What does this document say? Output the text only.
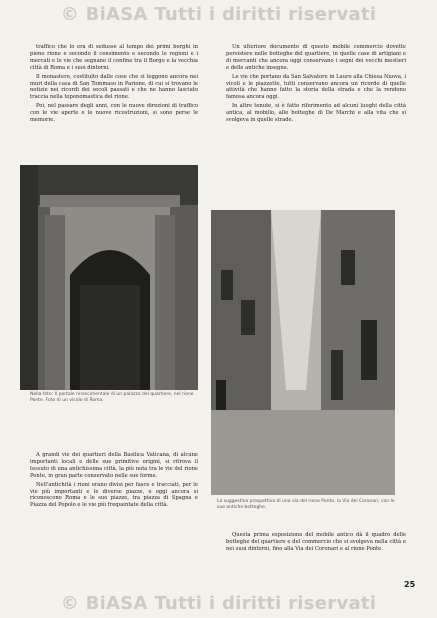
© BiASA Tutti i diritti riservati

traffico che lo era di sedusse al tempo dei primi borghi in pieno rione e secondo il censimento e secondo le regioni e i mercati e le vie che segnano il confine tra il Borgo e la vecchia città di Roma e i suoi dintorni.

Il monastero, costituito dalle cose che si leggono ancora nei muri della casa di San Tommaso in Parione, di cui si trovano le notizie nei ricordi dei secoli passati e che ne hanno lasciato traccia nella toponomastica del rione.

Poi, nel passare degli anni, con le nuove direzioni di traffico con le vie aperte e le nuove ricostruzioni, si sono perse le memorie.

Un ulteriore documento di questo mobile commercio dovette persistere nelle botteghe del quartiere, in quelle case di artigiani e di mercanti che ancora oggi conservano i segni dei vecchi mestieri e delle antiche insegne.

Le vie che portano da San Salvatore in Lauro alla Chiesa Nuova, i vicoli e le piazzette, tutti conservano ancora un ricordo di quelle attività che hanno fatto la storia della strada e che la rendono famosa ancora oggi.

In altre tenute, si è fatto riferimento ad alcuni luoghi della città antica, al mobilio, alle botteghe di De Marchi e alla vita che si svolgeva in quelle strade.

Nella foto: Il portale rinascimentale di un palazzo del quartiere, nel rione Ponte. Foto di un vicolo di Roma.
La suggestiva prospettiva di una via del rione Ponte, la Via dei Coronari, con le sue antiche botteghe.

A grandi vie dei quartieri della Basilica Vaticana, di alcune importanti locali e delle sue primitive origini, si ritrova il tessuto di una antichissima città, la più nota tra le vie del rione Ponte, in gran parte conservato nelle sue forme.

Nell'antichità i rioni erano divisi per fasce e tracciati, per le vie più importanti e le diverse piazze, e oggi ancora si riconoscono Roma e le sue piazze, tra piazza di Spagna e Piazza del Popolo e le vie più frequentate della città.

Questa prima esposizione del mobile antico dà il quadro delle botteghe del quartiere e del commercio che si svolgeva nella città e nei suoi dintorni, fino alla Via dei Coronari e al rione Ponte.

25
© BiASA Tutti i diritti riservati
